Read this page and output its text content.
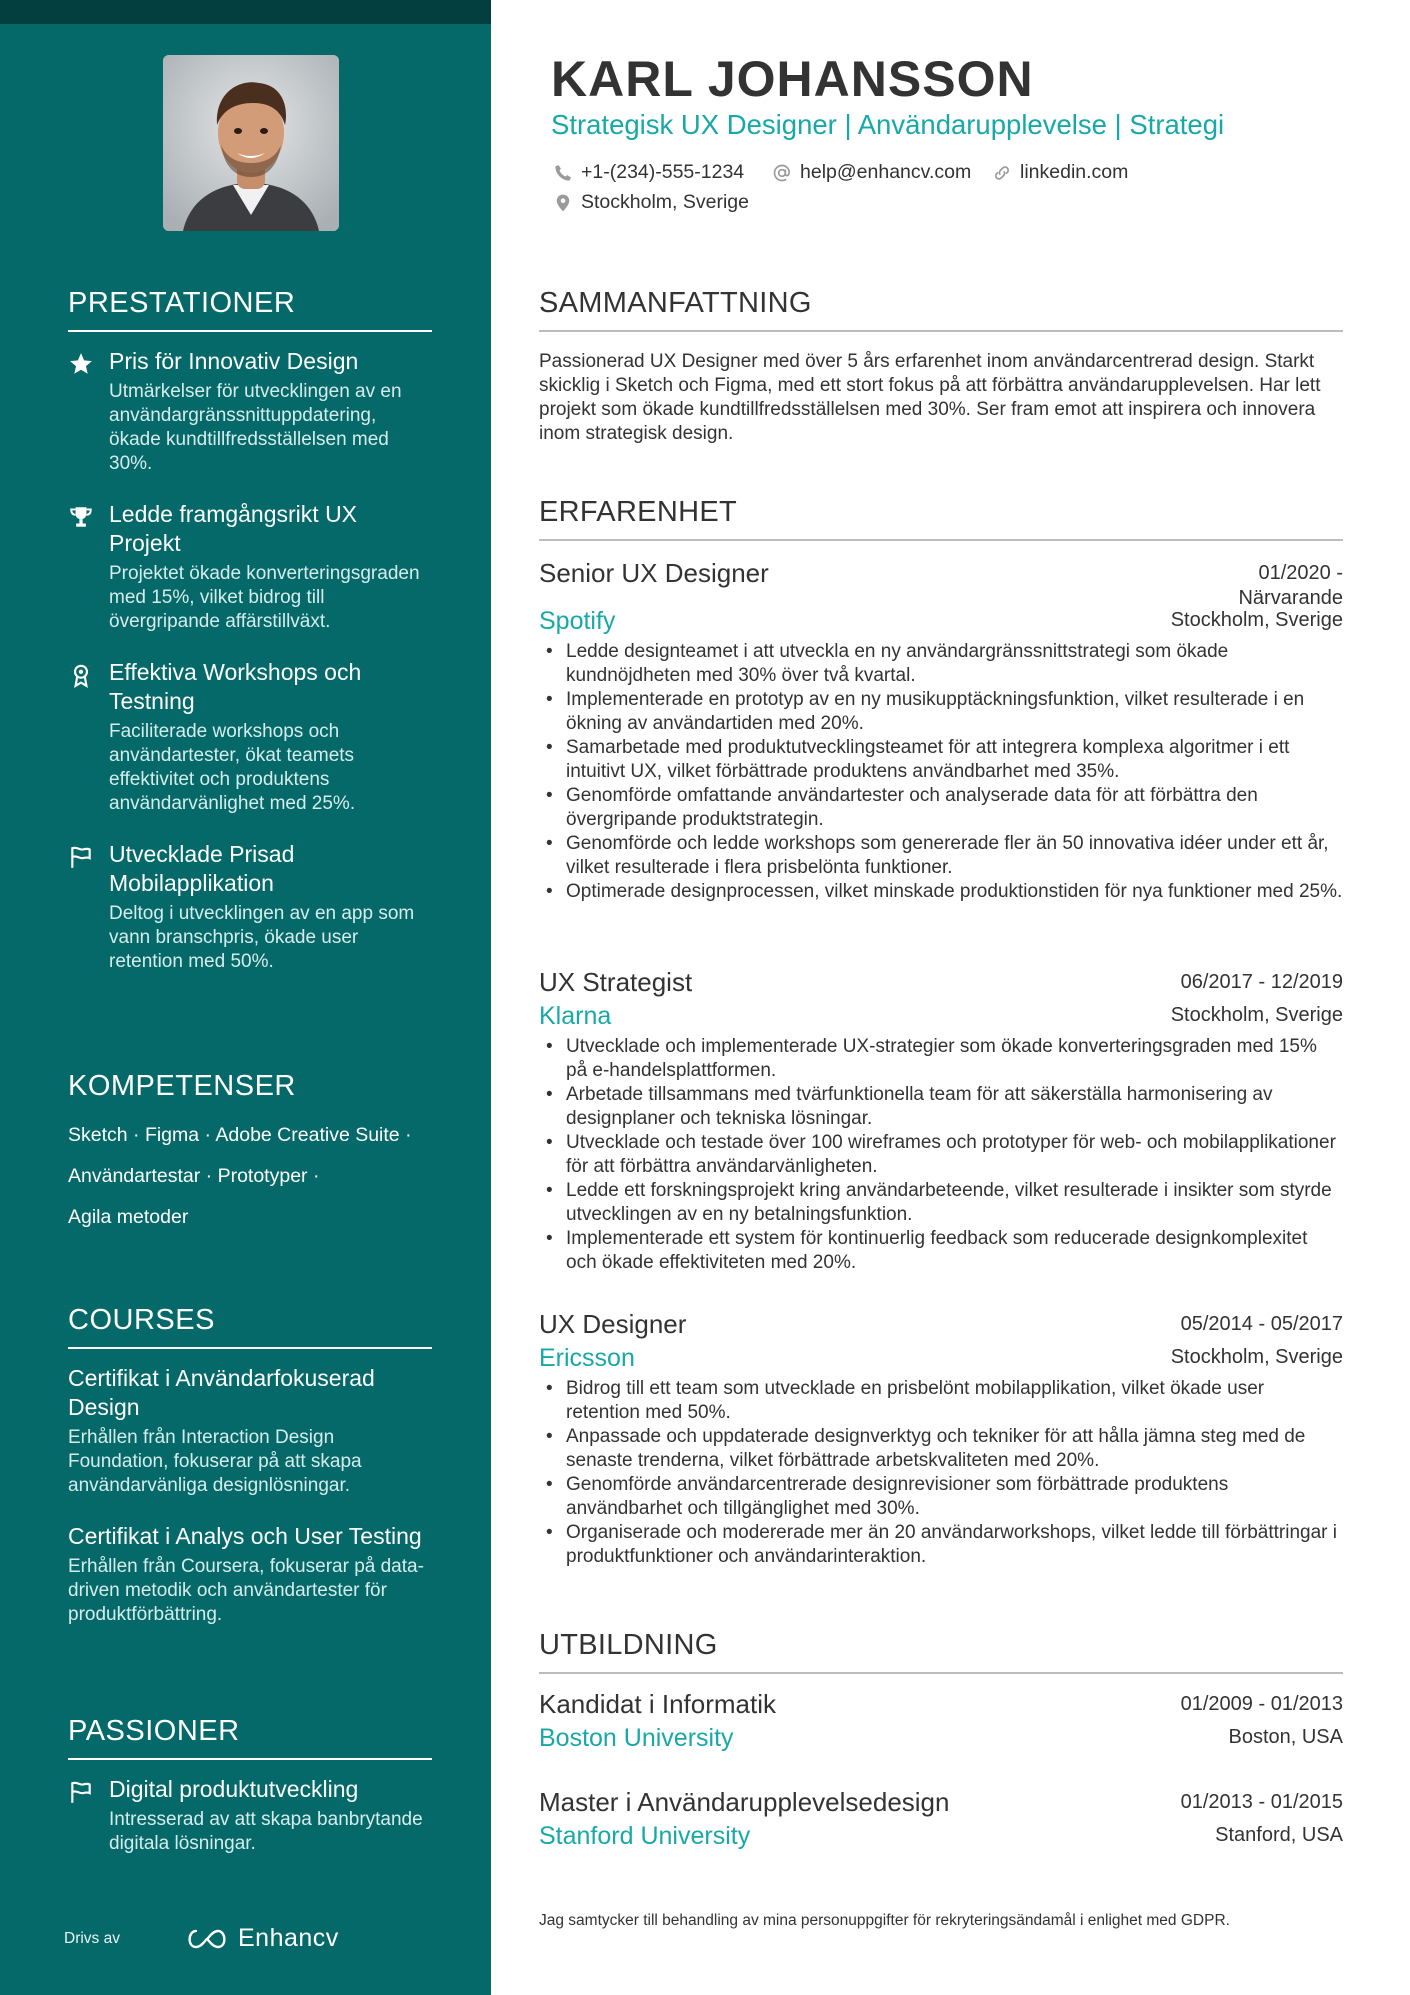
PRESTATIONER
Pris för Innovativ Design
Utmärkelser för utvecklingen av en användargränssnittuppdatering, ökade kundtillfredsställelsen med 30%.
Ledde framgångsrikt UX Projekt
Projektet ökade konverteringsgraden med 15%, vilket bidrog till övergripande affärstillväxt.
Effektiva Workshops och Testning
Faciliterade workshops och användartester, ökat teamets effektivitet och produktens användarvänlighet med 25%.
Utvecklade Prisad Mobilapplikation
Deltog i utvecklingen av en app som vann branschpris, ökade user retention med 50%.
KOMPETENSER
Sketch · Figma · Adobe Creative Suite ·
Användartestar · Prototyper ·
Agila metoder
COURSES
Certifikat i Användarfokuserad Design
Erhållen från Interaction Design Foundation, fokuserar på att skapa användarvänliga designlösningar.
Certifikat i Analys och User Testing
Erhållen från Coursera, fokuserar på data-driven metodik och användartester för produktförbättring.
PASSIONER
Digital produktutveckling
Intresserad av att skapa banbrytande digitala lösningar.
Drivs av	Enhancv
KARL JOHANSSON
Strategisk UX Designer | Användarupplevelse | Strategi
+1-(234)-555-1234	help@enhancv.com	linkedin.com
Stockholm, Sverige
SAMMANFATTNING
Passionerad UX Designer med över 5 års erfarenhet inom användarcentrerad design. Starkt skicklig i Sketch och Figma, med ett stort fokus på att förbättra användarupplevelsen. Har lett projekt som ökade kundtillfredsställelsen med 30%. Ser fram emot att inspirera och innovera inom strategisk design.
ERFARENHET
Senior UX Designer	01/2020 -
Närvarande
Spotify	Stockholm, Sverige
• Ledde designteamet i att utveckla en ny användargränssnittstrategi som ökade kundnöjdheten med 30% över två kvartal.
• Implementerade en prototyp av en ny musikupptäckningsfunktion, vilket resulterade i en ökning av användartiden med 20%.
• Samarbetade med produktutvecklingsteamet för att integrera komplexa algoritmer i ett intuitivt UX, vilket förbättrade produktens användbarhet med 35%.
• Genomförde omfattande användartester och analyserade data för att förbättra den övergripande produktstrategin.
• Genomförde och ledde workshops som genererade fler än 50 innovativa idéer under ett år, vilket resulterade i flera prisbelönta funktioner.
• Optimerade designprocessen, vilket minskade produktionstiden för nya funktioner med 25%.
UX Strategist	06/2017 - 12/2019
Klarna	Stockholm, Sverige
• Utvecklade och implementerade UX-strategier som ökade konverteringsgraden med 15% på e-handelsplattformen.
• Arbetade tillsammans med tvärfunktionella team för att säkerställa harmonisering av designplaner och tekniska lösningar.
• Utvecklade och testade över 100 wireframes och prototyper för web- och mobilapplikationer för att förbättra användarvänligheten.
• Ledde ett forskningsprojekt kring användarbeteende, vilket resulterade i insikter som styrde utvecklingen av en ny betalningsfunktion.
• Implementerade ett system för kontinuerlig feedback som reducerade designkomplexitet och ökade effektiviteten med 20%.
UX Designer	05/2014 - 05/2017
Ericsson	Stockholm, Sverige
• Bidrog till ett team som utvecklade en prisbelönt mobilapplikation, vilket ökade user retention med 50%.
• Anpassade och uppdaterade designverktyg och tekniker för att hålla jämna steg med de senaste trenderna, vilket förbättrade arbetskvaliteten med 20%.
• Genomförde användarcentrerade designrevisioner som förbättrade produktens användbarhet och tillgänglighet med 30%.
• Organiserade och modererade mer än 20 användarworkshops, vilket ledde till förbättringar i produktfunktioner och användarinteraktion.
UTBILDNING
Kandidat i Informatik	01/2009 - 01/2013
Boston University	Boston, USA
Master i Användarupplevelsedesign	01/2013 - 01/2015
Stanford University	Stanford, USA
Jag samtycker till behandling av mina personuppgifter för rekryteringsändamål i enlighet med GDPR.
